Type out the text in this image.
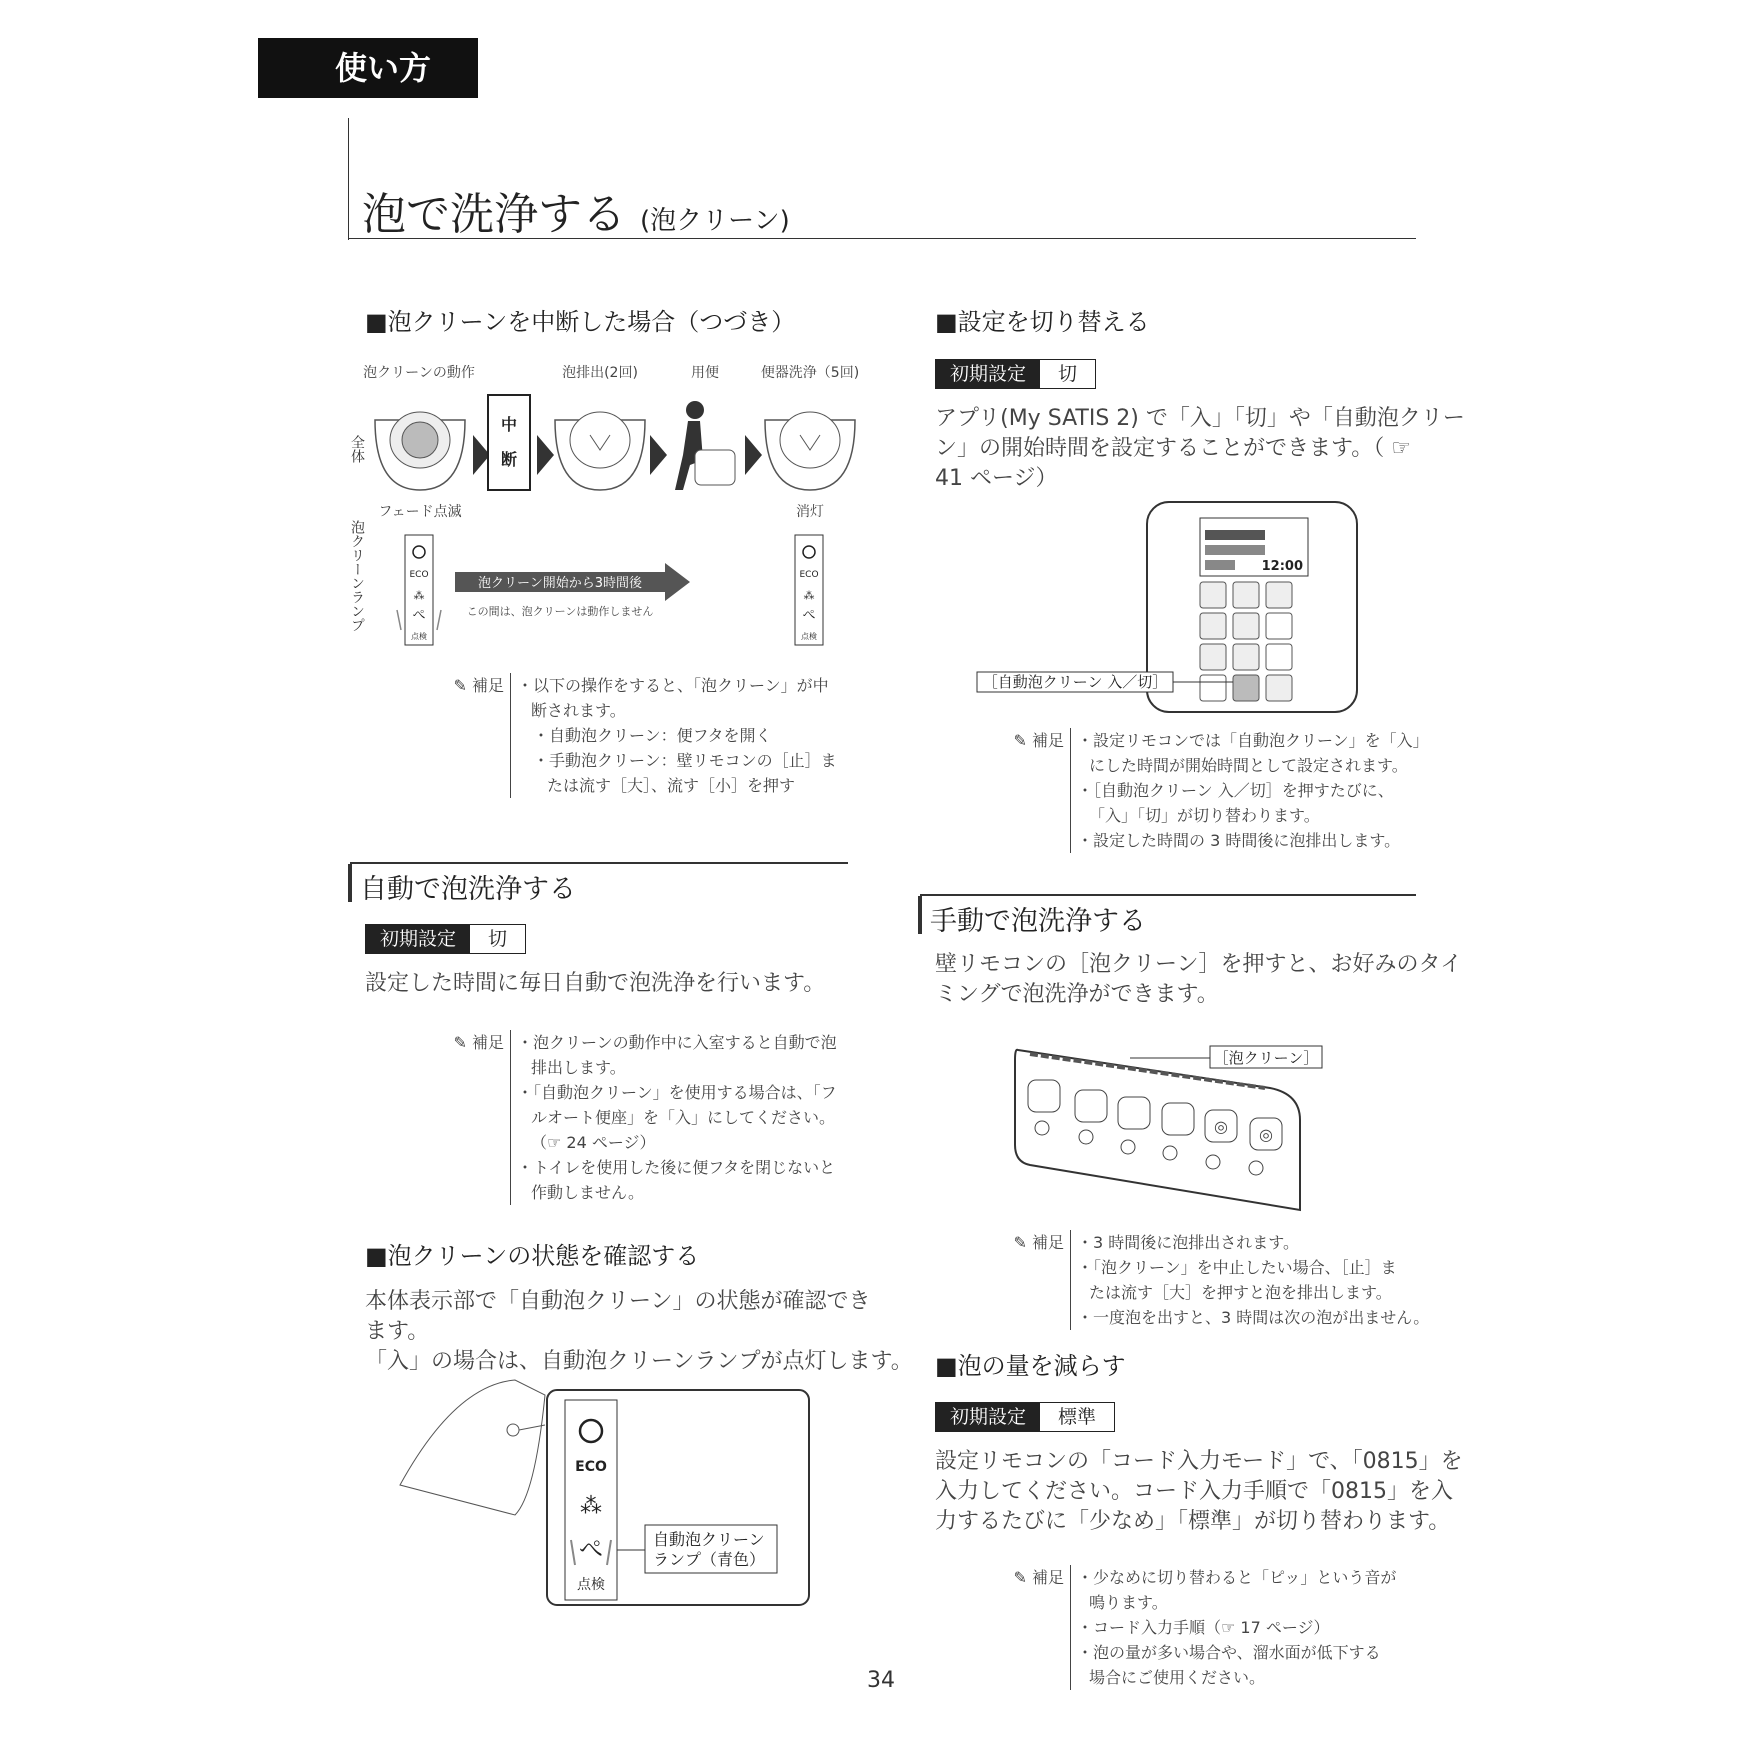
使い方
泡で洗浄する (泡クリーン)
■泡クリーンを中断した場合（つづき）
泡クリーンの動作	泡排出(2回)	用便	便器洗浄（5回)
全体
泡クリーンランプ
中
断
フェード点滅	消灯
ECO
⁂
ぺ
点検
泡クリーン開始から3時間後
この間は、泡クリーンは動作しません
ECO
⁂
ぺ
点検
✎ 補足 ・以下の操作をすると、「泡クリーン」が中
断されます。
・自動泡クリーン：便フタを開く
・手動泡クリーン：壁リモコンの［止］ま
たは流す［大］、流す［小］を押す
自動で泡洗浄する
初期設定	切
設定した時間に毎日自動で泡洗浄を行います。
✎ 補足 ・泡クリーンの動作中に入室すると自動で泡
排出します。
・「自動泡クリーン」を使用する場合は、「フ
ルオート便座」を「入」にしてください。
（☞ 24 ページ）
・トイレを使用した後に便フタを閉じないと
作動しません。
■泡クリーンの状態を確認する
本体表示部で「自動泡クリーン」の状態が確認でき
ます。
「入」の場合は、自動泡クリーンランプが点灯します。
ECO
⁂
ぺ
点検
自動泡クリーン
ランプ（青色）
■設定を切り替える
初期設定	切
アプリ(My SATIS 2) で「入」「切」や「自動泡クリー
ン」の開始時間を設定することができます。（ ☞
41 ページ）
12:00
［自動泡クリーン 入／切］
✎ 補足 ・設定リモコンでは「自動泡クリーン」を「入」
にした時間が開始時間として設定されます。
・［自動泡クリーン 入／切］を押すたびに、
「入」「切」が切り替わります。
・設定した時間の 3 時間後に泡排出します。
手動で泡洗浄する
壁リモコンの［泡クリーン］を押すと、お好みのタイ
ミングで泡洗浄ができます。
◎ ◎
［泡クリーン］
✎ 補足 ・3 時間後に泡排出されます。
・「泡クリーン」を中止したい場合、［止］ま
たは流す［大］を押すと泡を排出します。
・一度泡を出すと、3 時間は次の泡が出ません。
■泡の量を減らす
初期設定	標準
設定リモコンの「コード入力モード」で、「0815」を
入力してください。コード入力手順で「0815」を入
力するたびに「少なめ」「標準」が切り替わります。
✎ 補足 ・少なめに切り替わると「ピッ」という音が
鳴ります。
・コード入力手順（☞ 17 ページ）
・泡の量が多い場合や、溜水面が低下する
場合にご使用ください。
34
